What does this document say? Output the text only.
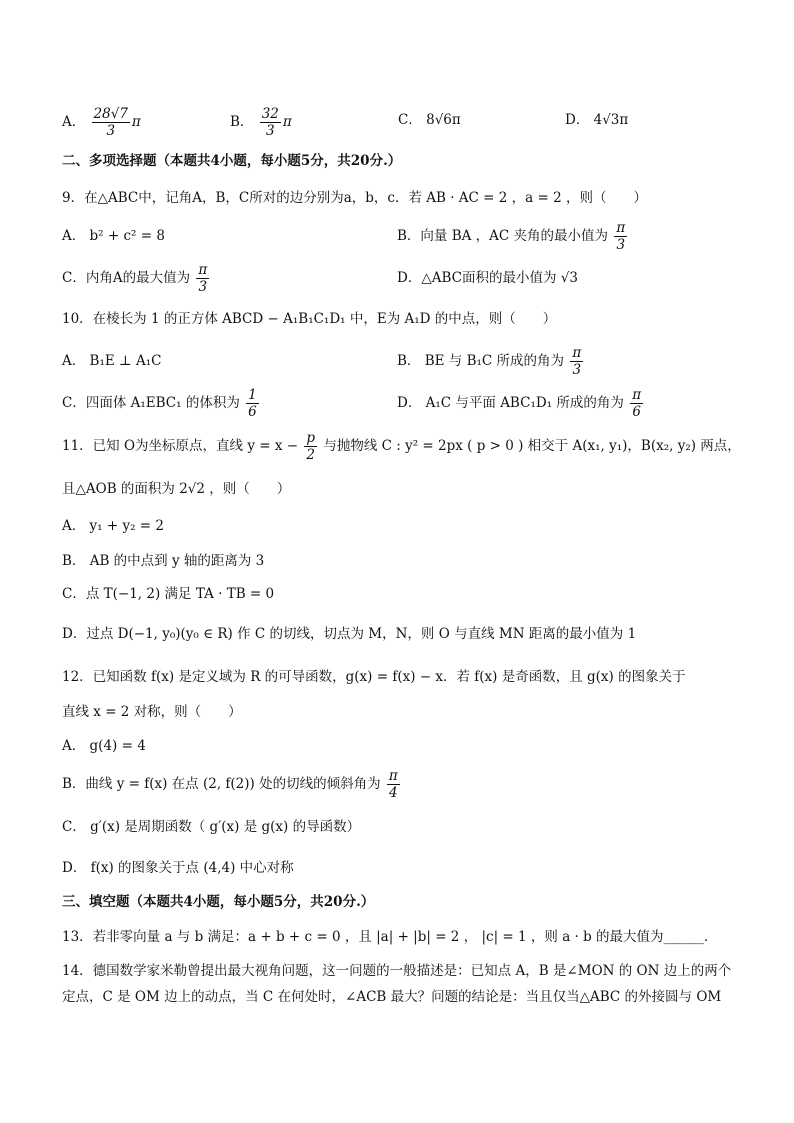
A． $\frac{28√7}{3}$ π	B． $\frac{32}{3}$ π	C． 8√6π	D． 4√3π
二、多项选择题（本题共4小题，每小题5分，共20分.）
9．在△ABC中，记角A，B，C所对的边分别为a，b，c．若 AB · AC = 2 ，a = 2 ，则（　　）
A． b² + c² = 8	B．向量 BA ，AC 夹角的最小值为 $\frac{\pi}{3}$
C．内角A的最大值为 $\frac{\pi}{3}$	D．△ABC面积的最小值为 √3
10．在棱长为 1 的正方体 ABCD − A₁B₁C₁D₁ 中，E为 A₁D 的中点，则（　　）
A． B₁E ⊥ A₁C	B． BE 与 B₁C 所成的角为 $\frac{\pi}{3}$
C．四面体 A₁EBC₁ 的体积为 $\frac{1}{6}$	D． A₁C 与平面 ABC₁D₁ 所成的角为 $\frac{\pi}{6}$
11．已知 O为坐标原点，直线 $y = x - \frac{p}{2}$ 与抛物线 C : y² = 2px ( p > 0 ) 相交于 A(x₁, y₁)，B(x₂, y₂) 两点，
且△AOB 的面积为 2√2 ，则（　　）
A． y₁ + y₂ = 2
B． AB 的中点到 y 轴的距离为 3
C．点 T(−1, 2) 满足 TA · TB = 0
D．过点 D(−1, y₀)(y₀ ∈ R) 作 C 的切线，切点为 M，N，则 O 与直线 MN 距离的最小值为 1
12．已知函数 f(x) 是定义域为 R 的可导函数，g(x) = f(x) − x．若 f(x) 是奇函数，且 g(x) 的图象关于
直线 x = 2 对称，则（　　）
A． g(4) = 4
B．曲线 y = f(x) 在点 (2, f(2)) 处的切线的倾斜角为 $\frac{\pi}{4}$
C． g′(x) 是周期函数（ g′(x) 是 g(x) 的导函数）
D． f(x) 的图象关于点 (4,4) 中心对称
三、填空题（本题共4小题，每小题5分，共20分.）
13．若非零向量 a 与 b 满足：a + b + c = 0 ，且 |a| + |b| = 2 ， |c| = 1 ，则 a · b 的最大值为______．
14．德国数学家米勒曾提出最大视角问题，这一问题的一般描述是：已知点 A，B 是∠MON 的 ON 边上的两个定点，C 是 OM 边上的动点，当 C 在何处时，∠ACB 最大？问题的结论是：当且仅当△ABC 的外接圆与 OM
